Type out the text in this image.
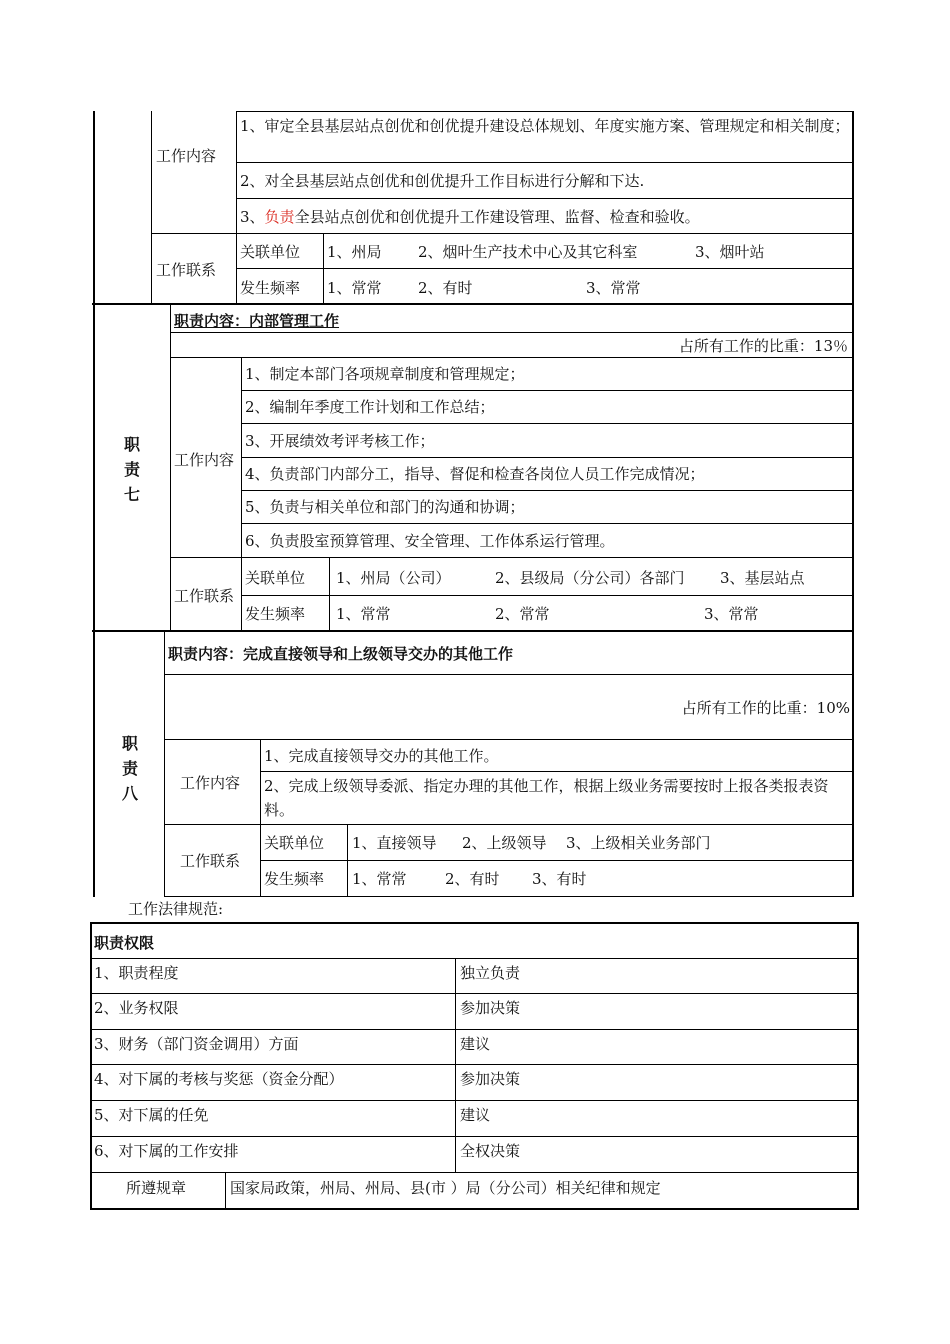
工作内容
1、审定全县基层站点创优和创优提升建设总体规划、年度实施方案、管理规定和相关制度；
2、对全县基层站点创优和创优提升工作目标进行分解和下达.
3、负责全县站点创优和创优提升工作建设管理、监督、检查和验收。
工作联系
关联单位 1、州局 2、烟叶生产技术中心及其它科室	3、烟叶站
发生频率 1、常常 2、有时	3、常常
职
责
七
职责内容：内部管理工作
占所有工作的比重：13％
工作内容
1、制定本部门各项规章制度和管理规定；
2、编制年季度工作计划和工作总结；
3、开展绩效考评考核工作；
4、负责部门内部分工，指导、督促和检查各岗位人员工作完成情况；
5、负责与相关单位和部门的沟通和协调；
6、负责股室预算管理、安全管理、工作体系运行管理。
工作联系
关联单位 1、州局（公司）	2、县级局（分公司）各部门 3、基层站点
发生频率 1、常常	2、常常	3、常常
职
责
八
职责内容：完成直接领导和上级领导交办的其他工作
占所有工作的比重：10%
工作内容
1、完成直接领导交办的其他工作。
2、完成上级领导委派、指定办理的其他工作，根据上级业务需要按时上报各类报表资料。
工作联系
关联单位 1、直接领导 2、上级领导 3、上级相关业务部门
发生频率 1、常常	2、有时 3、有时
工作法律规范:
职责权限
1、职责程度	独立负责
2、业务权限	参加决策
3、财务（部门资金调用）方面	建议
4、对下属的考核与奖惩（资金分配）	参加决策
5、对下属的任免	建议
6、对下属的工作安排	全权决策
所遵规章	国家局政策，州局、州局、县(市 ）局（分公司）相关纪律和规定
